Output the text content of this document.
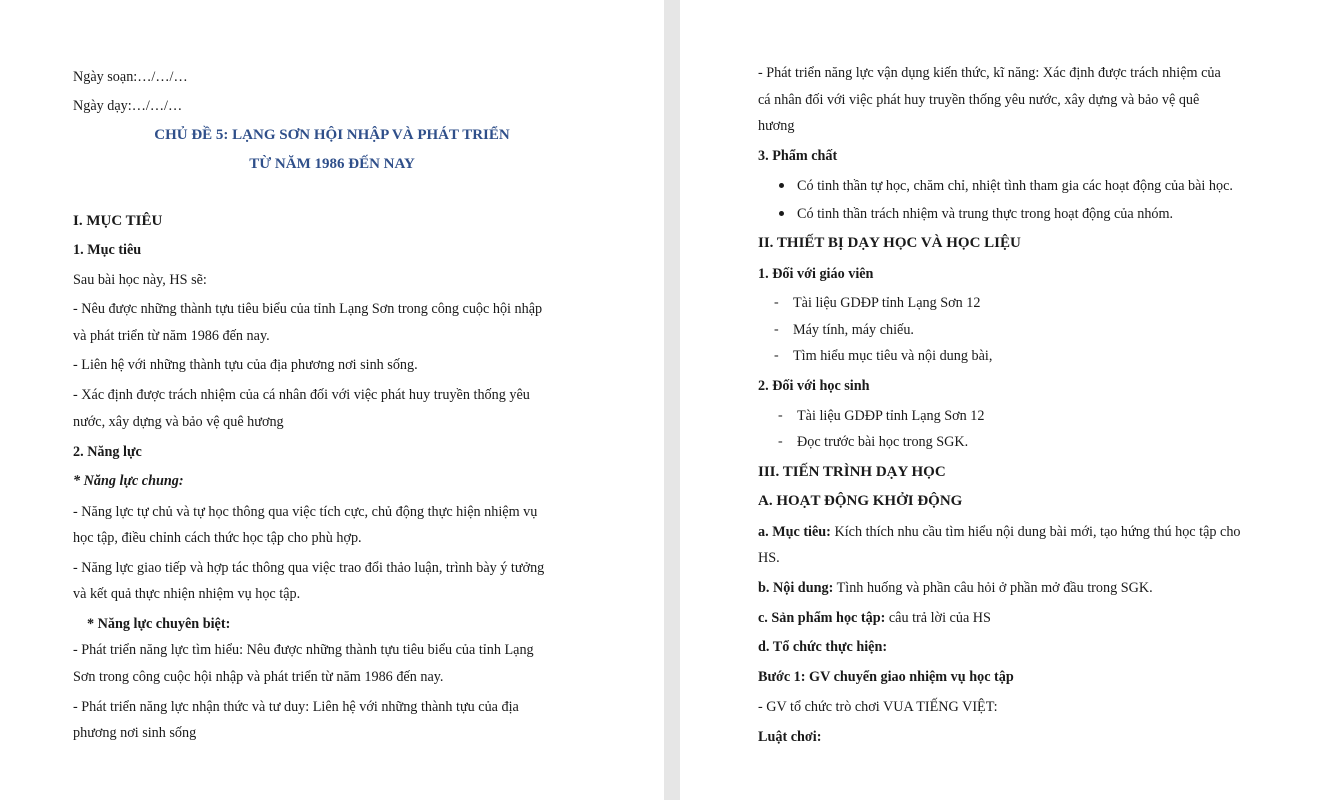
Ngày soạn:…/…/…
Ngày dạy:…/…/…
CHỦ ĐỀ 5: LẠNG SƠN HỘI NHẬP VÀ PHÁT TRIỂN
TỪ NĂM 1986 ĐẾN NAY
I. MỤC TIÊU
1. Mục tiêu
Sau bài học này, HS sẽ:
- Nêu được những thành tựu tiêu biểu của tỉnh Lạng Sơn trong công cuộc hội nhập
và phát triển từ năm 1986 đến nay.
- Liên hệ với những thành tựu của địa phương nơi sinh sống.
- Xác định được trách nhiệm của cá nhân đối với việc phát huy truyền thống yêu
nước, xây dựng và bảo vệ quê hương
2. Năng lực
* Năng lực chung:
- Năng lực tự chủ và tự học thông qua việc tích cực, chủ động thực hiện nhiệm vụ
học tập, điều chỉnh cách thức học tập cho phù hợp.
- Năng lực giao tiếp và hợp tác thông qua việc trao đổi thảo luận, trình bày ý tưởng
và kết quả thực nhiện nhiệm vụ học tập.
* Năng lực chuyên biệt:
- Phát triển năng lực tìm hiểu: Nêu được những thành tựu tiêu biểu của tỉnh Lạng
Sơn trong công cuộc hội nhập và phát triển từ năm 1986 đến nay.
- Phát triển năng lực nhận thức và tư duy: Liên hệ với những thành tựu của địa
phương nơi sinh sống
- Phát triển năng lực vận dụng kiến thức, kĩ năng: Xác định được trách nhiệm của
cá nhân đối với việc phát huy truyền thống yêu nước, xây dựng và bảo vệ quê
hương
3. Phẩm chất
Có tinh thần tự học, chăm chỉ, nhiệt tình tham gia các hoạt động của bài học.
Có tinh thần trách nhiệm và trung thực trong hoạt động của nhóm.
II. THIẾT BỊ DẠY HỌC VÀ HỌC LIỆU
1. Đối với giáo viên
- Tài liệu GDĐP tỉnh Lạng Sơn 12
- Máy tính, máy chiếu.
- Tìm hiểu mục tiêu và nội dung bài,
2. Đối với học sinh
- Tài liệu GDĐP tỉnh Lạng Sơn 12
- Đọc trước bài học trong SGK.
III. TIẾN TRÌNH DẠY HỌC
A. HOẠT ĐỘNG KHỞI ĐỘNG
a. Mục tiêu: Kích thích nhu cầu tìm hiểu nội dung bài mới, tạo hứng thú học tập cho
HS.
b. Nội dung: Tình huống và phần câu hỏi ở phần mở đầu trong SGK.
c. Sản phẩm học tập: câu trả lời của HS
d. Tổ chức thực hiện:
Bước 1: GV chuyển giao nhiệm vụ học tập
- GV tổ chức trò chơi VUA TIẾNG VIỆT:
Luật chơi:
